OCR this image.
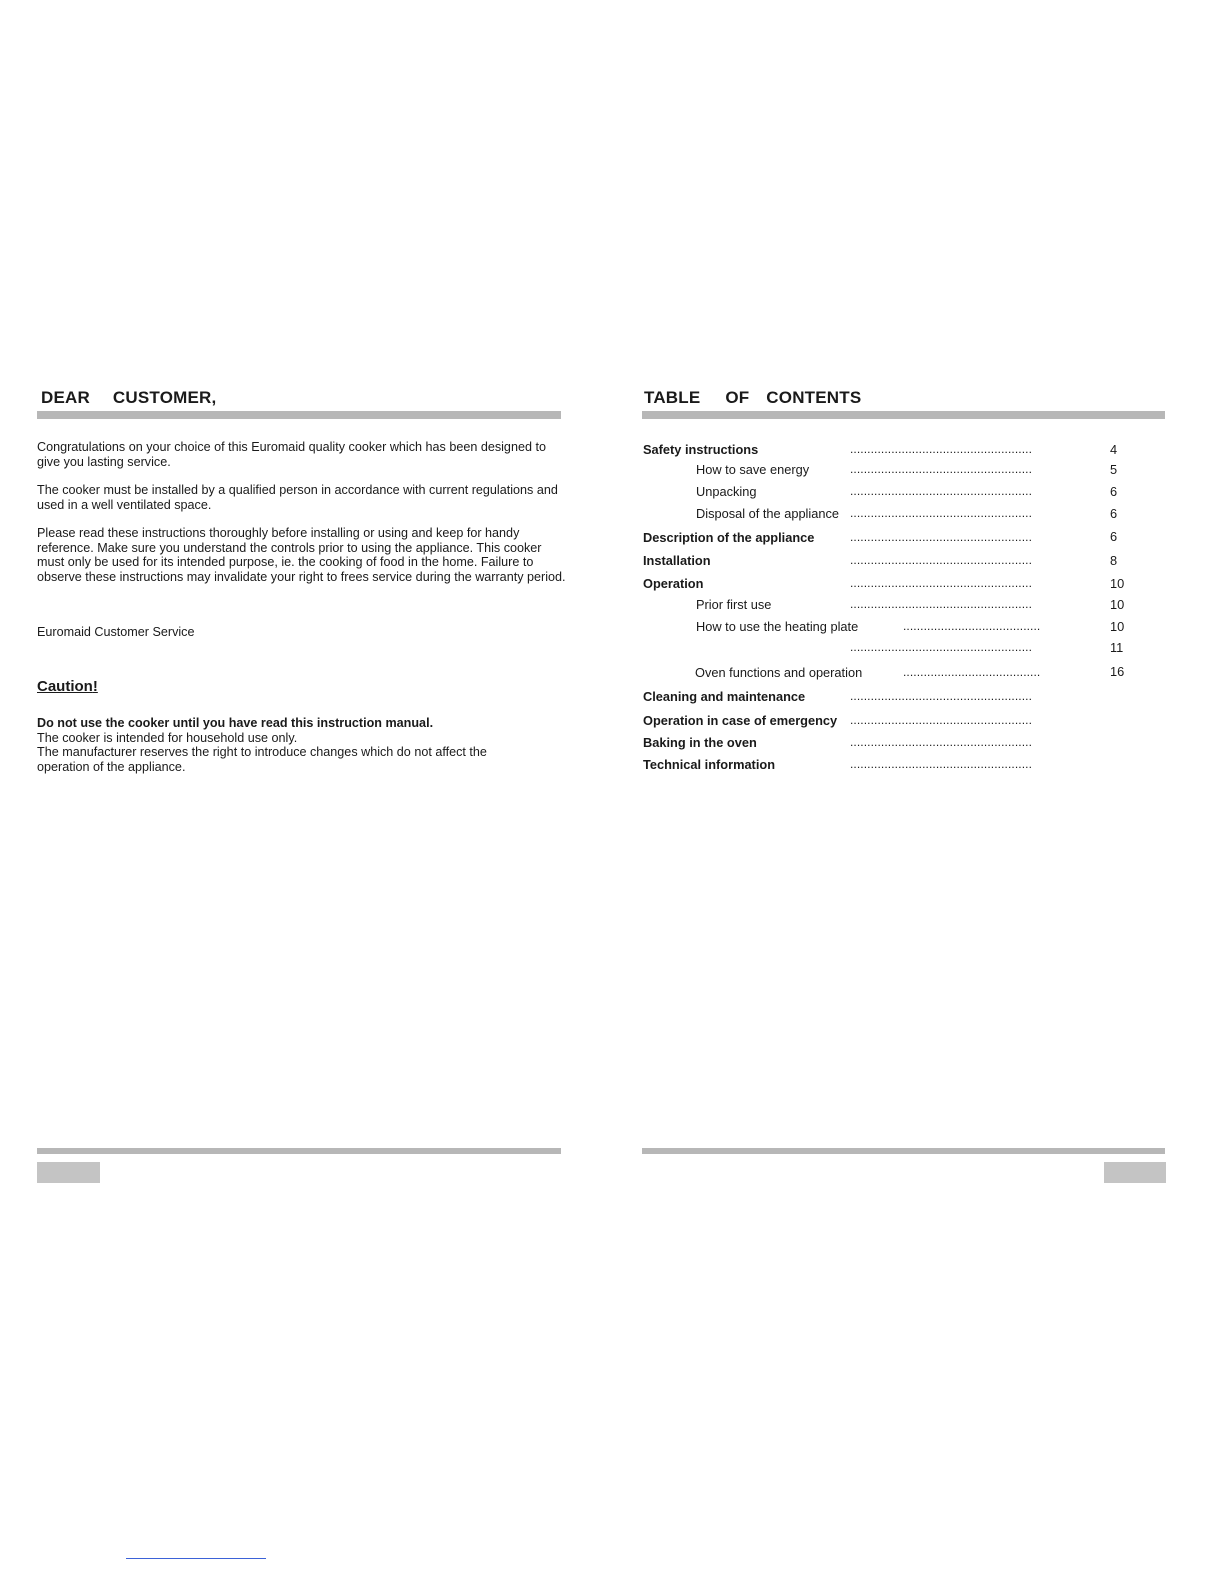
DEAR CUSTOMER,
Congratulations on your choice of this Euromaid quality cooker which has been designed to give you lasting service.
The cooker must be installed by a qualified person in accordance with current regulations and used in a well ventilated space.
Please read these instructions thoroughly before installing or using and keep for handy reference. Make sure you understand the controls prior to using the appliance. This cooker must only be used for its intended purpose, ie. the cooking of food in the home. Failure to observe these instructions may invalidate your right to frees service during the warranty period.
Euromaid Customer Service
Caution!
Do not use the cooker until you have read this instruction manual.
The cooker is intended for household use only.
The manufacturer reserves the right to introduce changes which do not affect the operation of the appliance.
TABLE OF CONTENTS
Safety instructions	.....................................................	4
How to save energy	.....................................................	5
Unpacking	.....................................................	6
Disposal of the appliance .....................................................	6
Description of the appliance	.....................................................	6
Installation	.....................................................	8
Operation	.....................................................	10
Prior first use	.....................................................	10
How to use the heating plate	........................................	10
.....................................................	11
Oven functions and operation	........................................	16
Cleaning and maintenance	.....................................................
Operation in case of emergency .....................................................
Baking in the oven	.....................................................
Technical information	.....................................................
